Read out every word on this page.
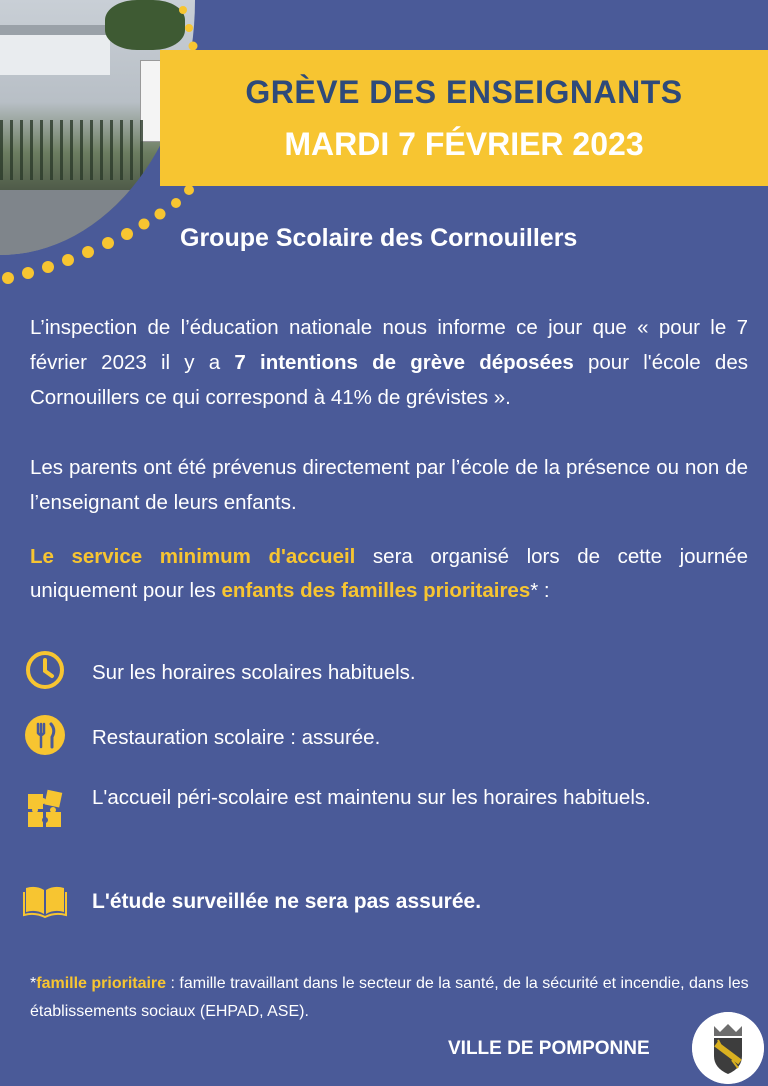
GRÈVE DES ENSEIGNANTS
MARDI 7 FÉVRIER 2023
Groupe Scolaire des Cornouillers
L’inspection de l’éducation nationale nous informe ce jour que « pour le 7 février 2023 il y a 7 intentions de grève déposées pour l'école des Cornouillers ce qui correspond à 41% de grévistes ».
Les parents ont été prévenus directement par l’école de la présence ou non de l’enseignant de leurs enfants.
Le service minimum d'accueil sera organisé lors de cette journée uniquement pour les enfants des familles prioritaires* :
Sur les horaires scolaires habituels.
Restauration scolaire : assurée.
L'accueil péri-scolaire est maintenu sur les horaires habituels.
L'étude surveillée ne sera pas assurée.
*famille prioritaire : famille travaillant dans le secteur de la santé, de la sécurité et incendie, dans les établissements sociaux (EHPAD, ASE).
VILLE DE POMPONNE
